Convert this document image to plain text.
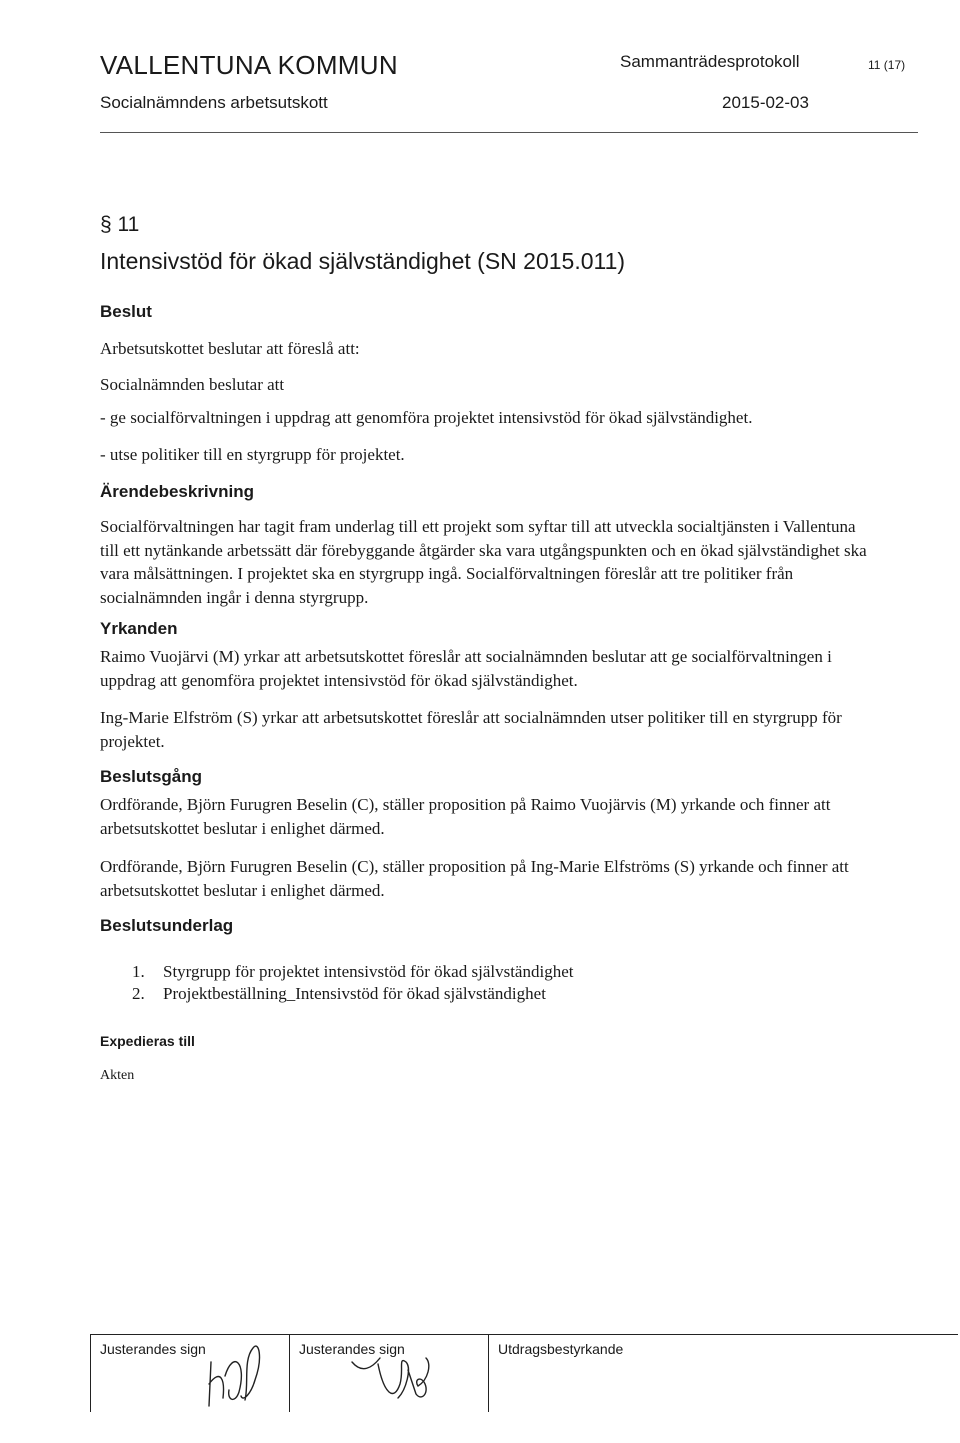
VALLENTUNA KOMMUN
Socialnämndens arbetsutskott
Sammanträdesprotokoll	11 (17)
2015-02-03
§ 11
Intensivstöd för ökad självständighet (SN 2015.011)
Beslut
Arbetsutskottet beslutar att föreslå att:
Socialnämnden beslutar att
- ge socialförvaltningen i uppdrag att genomföra projektet intensivstöd för ökad självständighet.
- utse politiker till en styrgrupp för projektet.
Ärendebeskrivning

Socialförvaltningen har tagit fram underlag till ett projekt som syftar till att utveckla socialtjänsten i Vallentuna till ett nytänkande arbetssätt där förebyggande åtgärder ska vara utgångspunkten och en ökad självständighet ska vara målsättningen. I projektet ska en styrgrupp ingå. Socialförvaltningen föreslår att tre politiker från socialnämnden ingår i denna styrgrupp.

Yrkanden

Raimo Vuojärvi (M) yrkar att arbetsutskottet föreslår att socialnämnden beslutar att ge socialförvaltningen i uppdrag att genomföra projektet intensivstöd för ökad självständighet.

Ing-Marie Elfström (S) yrkar att arbetsutskottet föreslår att socialnämnden utser politiker till en styrgrupp för projektet.

Beslutsgång

Ordförande, Björn Furugren Beselin (C), ställer proposition på Raimo Vuojärvis (M) yrkande och finner att arbetsutskottet beslutar i enlighet därmed.

Ordförande, Björn Furugren Beselin (C), ställer proposition på Ing-Marie Elfströms (S) yrkande och finner att arbetsutskottet beslutar i enlighet därmed.

Beslutsunderlag
1. Styrgrupp för projektet intensivstöd för ökad självständighet
2. Projektbeställning_Intensivstöd för ökad självständighet
Expedieras till
Akten
Justerandes sign	Justerandes sign	Utdragsbestyrkande
